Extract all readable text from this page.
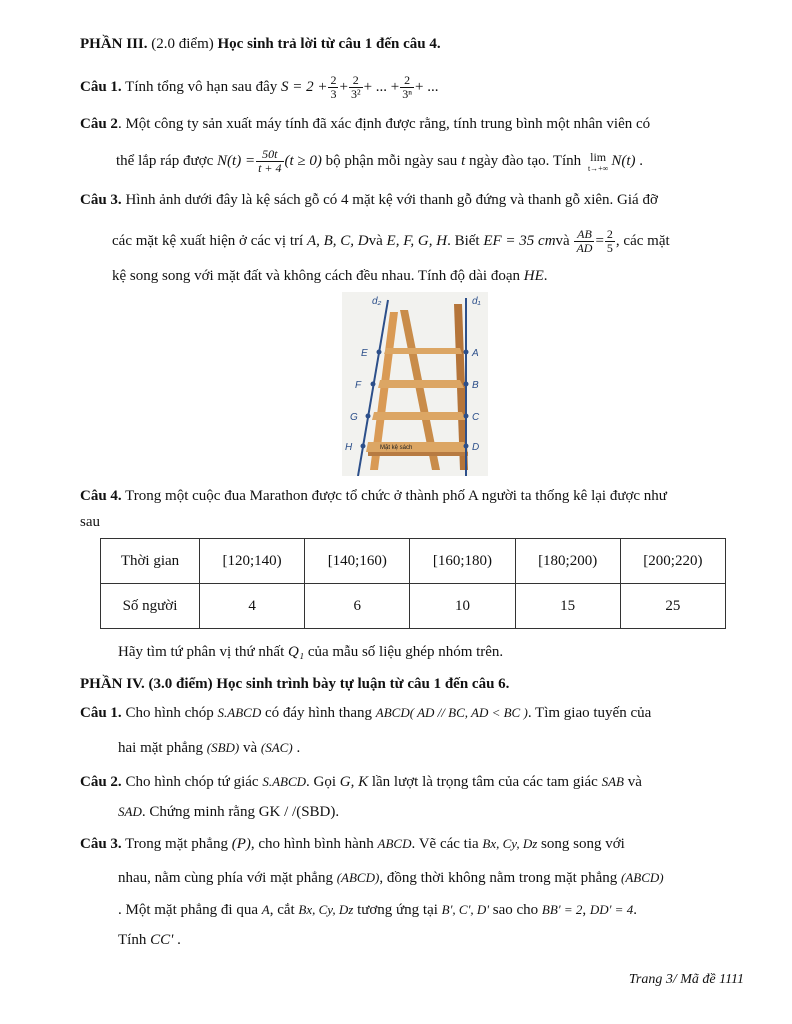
PHẦN III. (2.0 điểm) Học sinh trả lời từ câu 1 đến câu 4.
Câu 1. Tính tổng vô hạn sau đây $S = 2 + \frac{2}{3} + \frac{2}{\text{3²}}$ + ... + $\frac{2}{\text{3ⁿ}}$ + ...
Câu 2. Một công ty sản xuất máy tính đã xác định được rằng, tính trung bình một nhân viên có
thể lắp ráp được $N(t) = \frac{50t}{t + 4} (t \ge 0)$ bộ phận mỗi ngày sau t ngày đào tạo. Tính lim
t→+∞ N(t) .
Câu 3. Hình ảnh dưới đây là kệ sách gỗ có 4 mặt kệ với thanh gỗ đứng và thanh gỗ xiên. Giá đỡ
các mặt kệ xuất hiện ở các vị trí A, B, C, Dvà E, F, G, H. Biết EF = 35 cmvà $\frac{AB}{AD} = \frac{2}{5}$ , các mặt
kệ song song với mặt đất và không cách đều nhau. Tính độ dài đoạn HE.
d₂	d₁
E
F
G
H
A
B
C
D
Mặt kệ sách
Câu 4. Trong một cuộc đua Marathon được tổ chức ở thành phố A người ta thống kê lại được như
sau
Thời gian	[120;140)	[140;160)	[160;180)	[180;200)	[200;220)
Số người	4	6	10	15	25
Hãy tìm tứ phân vị thứ nhất Q₁ của mẫu số liệu ghép nhóm trên.
PHẦN IV. (3.0 điểm) Học sinh trình bày tự luận từ câu 1 đến câu 6.
Câu 1. Cho hình chóp S.ABCD có đáy hình thang ABCD( AD // BC, AD < BC ). Tìm giao tuyến của
hai mặt phẳng (SBD) và (SAC) .
Câu 2. Cho hình chóp tứ giác S.ABCD. Gọi G, K lần lượt là trọng tâm của các tam giác SAB và
SAD. Chứng minh rằng GK / /(SBD).
Câu 3. Trong mặt phẳng (P), cho hình bình hành ABCD. Vẽ các tia Bx, Cy, Dz song song với
nhau, nằm cùng phía với mặt phẳng (ABCD), đồng thời không nằm trong mặt phẳng (ABCD)
. Một mặt phẳng đi qua A, cắt Bx, Cy, Dz tương ứng tại B', C', D' sao cho BB' = 2, DD' = 4.
Tính CC' .
Trang 3/ Mã đề 1111
